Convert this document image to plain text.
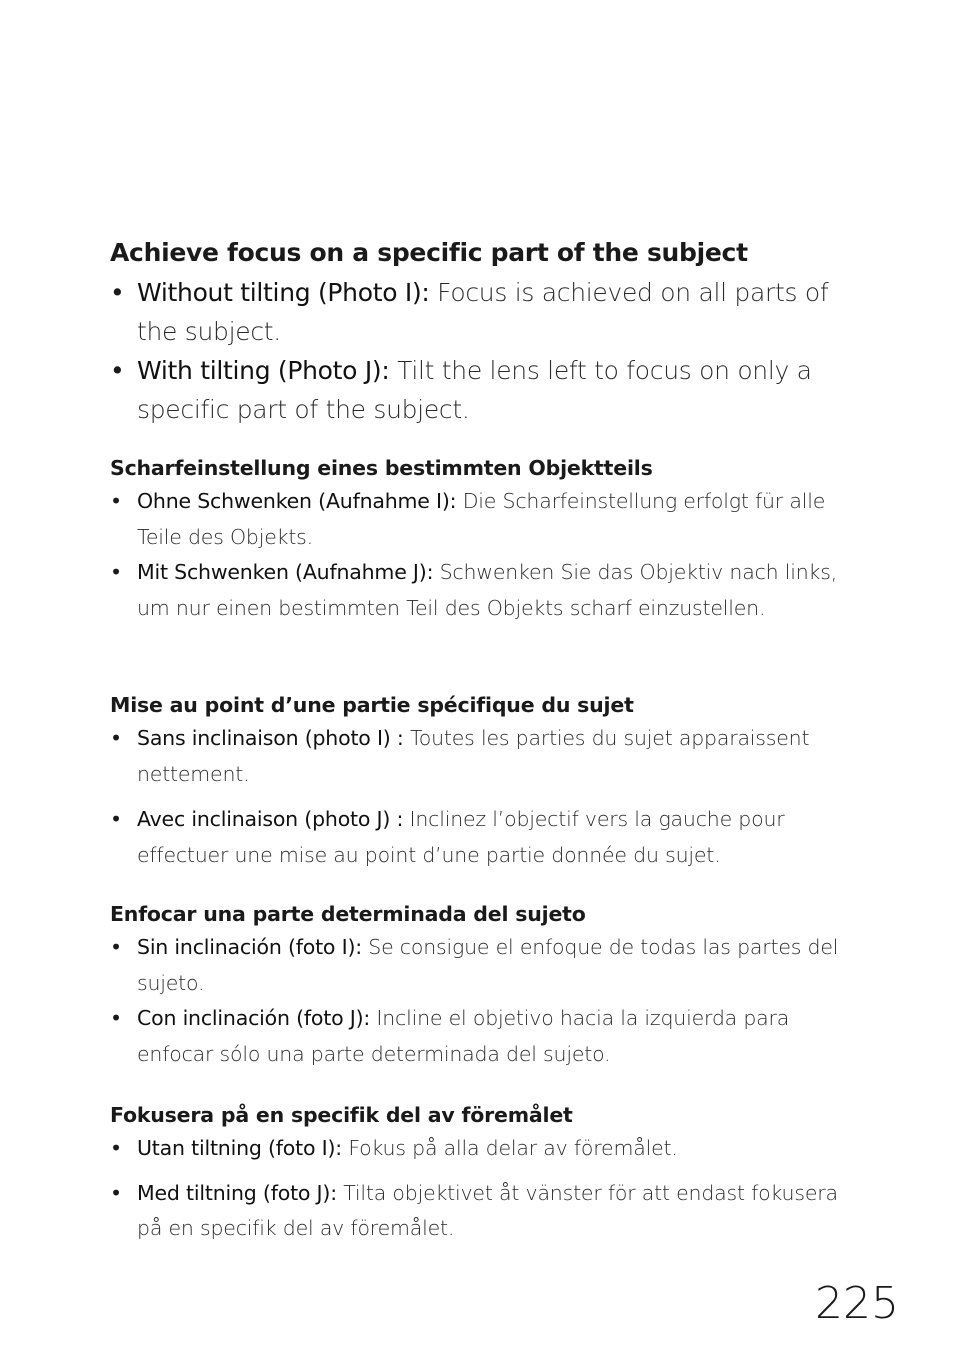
Achieve focus on a specific part of the subject
• Without tilting (Photo I): Focus is achieved on all parts of the subject.
• With tilting (Photo J): Tilt the lens left to focus on only a specific part of the subject.
Scharfeinstellung eines bestimmten Objektteils
• Ohne Schwenken (Aufnahme I): Die Scharfeinstellung erfolgt für alle Teile des Objekts.
• Mit Schwenken (Aufnahme J): Schwenken Sie das Objektiv nach links, um nur einen bestimmten Teil des Objekts scharf einzustellen.
Mise au point d’une partie spécifique du sujet
• Sans inclinaison (photo I) : Toutes les parties du sujet apparaissent nettement.
• Avec inclinaison (photo J) : Inclinez l’objectif vers la gauche pour effectuer une mise au point d’une partie donnée du sujet.
Enfocar una parte determinada del sujeto
• Sin inclinación (foto I): Se consigue el enfoque de todas las partes del sujeto.
• Con inclinación (foto J): Incline el objetivo hacia la izquierda para enfocar sólo una parte determinada del sujeto.
Fokusera på en specifik del av föremålet
• Utan tiltning (foto I): Fokus på alla delar av föremålet.
• Med tiltning (foto J): Tilta objektivet åt vänster för att endast fokusera på en specifik del av föremålet.
225
